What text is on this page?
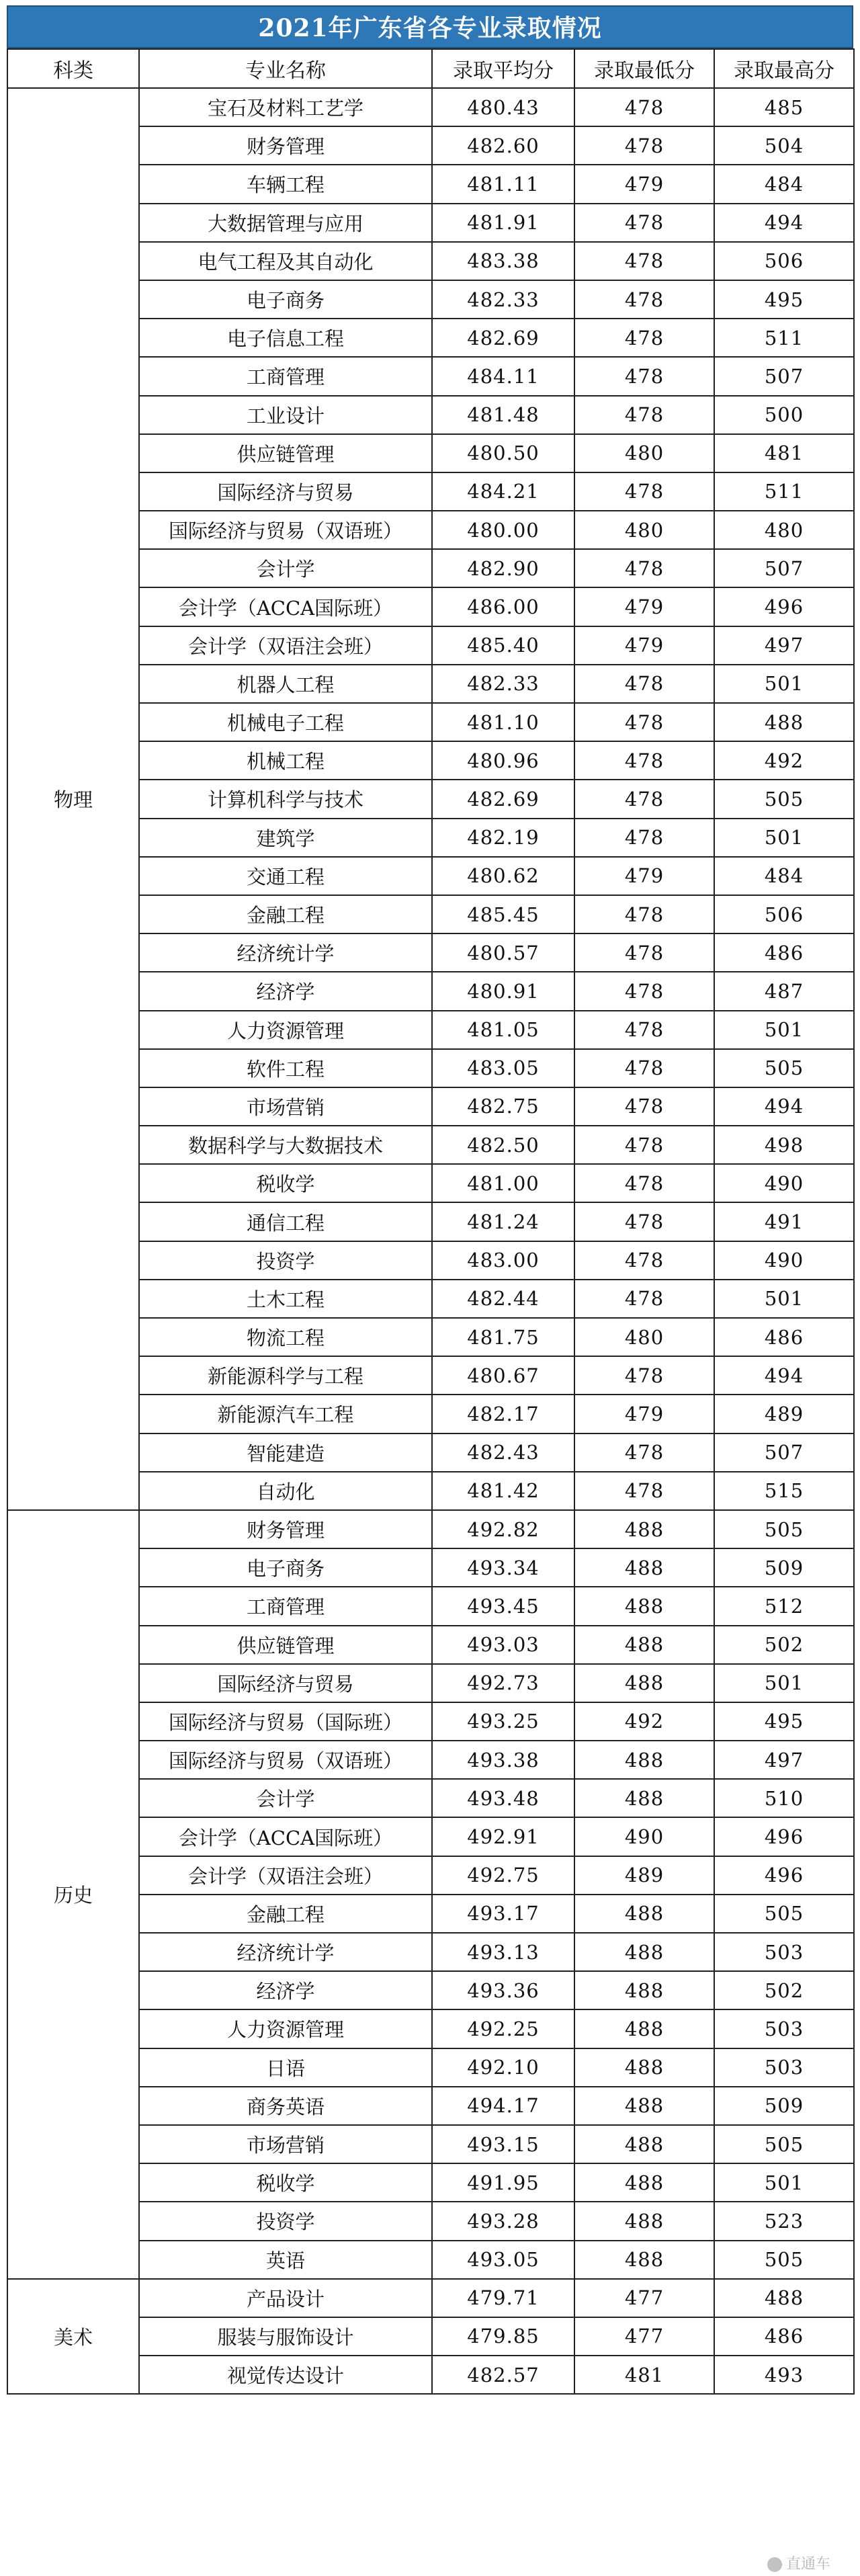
2021年广东省各专业录取情况
科类	专业名称	录取平均分	录取最低分	录取最高分
物理	宝石及材料工艺学	480.43	478	485
	财务管理	482.60	478	504
	车辆工程	481.11	479	484
	大数据管理与应用	481.91	478	494
	电气工程及其自动化	483.38	478	506
	电子商务	482.33	478	495
	电子信息工程	482.69	478	511
	工商管理	484.11	478	507
	工业设计	481.48	478	500
	供应链管理	480.50	480	481
	国际经济与贸易	484.21	478	511
	国际经济与贸易（双语班）	480.00	480	480
	会计学	482.90	478	507
	会计学（ACCA国际班）	486.00	479	496
	会计学（双语注会班）	485.40	479	497
	机器人工程	482.33	478	501
	机械电子工程	481.10	478	488
	机械工程	480.96	478	492
	计算机科学与技术	482.69	478	505
	建筑学	482.19	478	501
	交通工程	480.62	479	484
	金融工程	485.45	478	506
	经济统计学	480.57	478	486
	经济学	480.91	478	487
	人力资源管理	481.05	478	501
	软件工程	483.05	478	505
	市场营销	482.75	478	494
	数据科学与大数据技术	482.50	478	498
	税收学	481.00	478	490
	通信工程	481.24	478	491
	投资学	483.00	478	490
	土木工程	482.44	478	501
	物流工程	481.75	480	486
	新能源科学与工程	480.67	478	494
	新能源汽车工程	482.17	479	489
	智能建造	482.43	478	507
	自动化	481.42	478	515
历史	财务管理	492.82	488	505
	电子商务	493.34	488	509
	工商管理	493.45	488	512
	供应链管理	493.03	488	502
	国际经济与贸易	492.73	488	501
	国际经济与贸易（国际班）	493.25	492	495
	国际经济与贸易（双语班）	493.38	488	497
	会计学	493.48	488	510
	会计学（ACCA国际班）	492.91	490	496
	会计学（双语注会班）	492.75	489	496
	金融工程	493.17	488	505
	经济统计学	493.13	488	503
	经济学	493.36	488	502
	人力资源管理	492.25	488	503
	日语	492.10	488	503
	商务英语	494.17	488	509
	市场营销	493.15	488	505
	税收学	491.95	488	501
	投资学	493.28	488	523
	英语	493.05	488	505
美术	产品设计	479.71	477	488
	服装与服饰设计	479.85	477	486
	视觉传达设计	482.57	481	493
直通车
